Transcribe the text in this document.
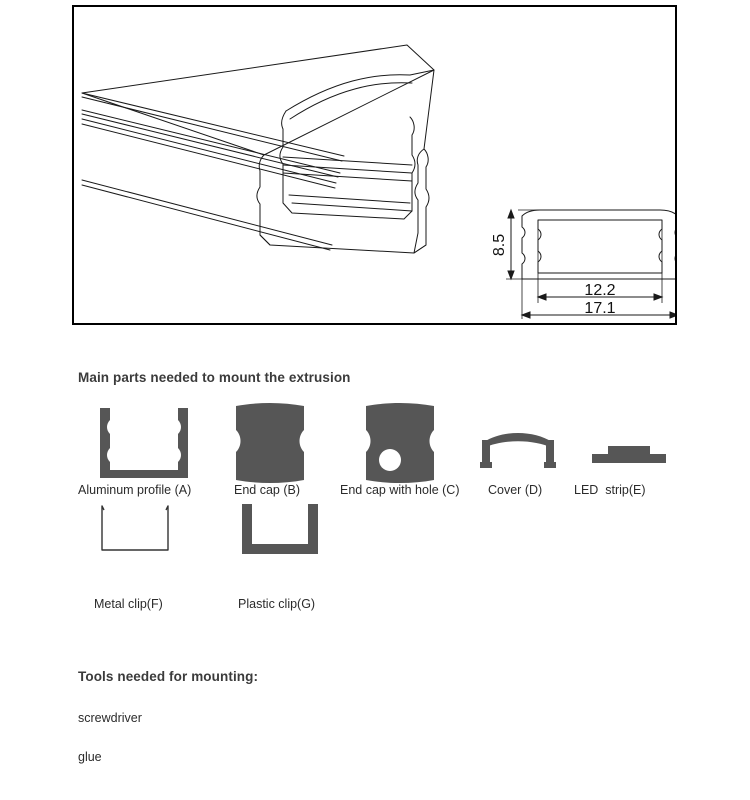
8.5
12.2
17.1
Main parts needed to mount the extrusion
Aluminum profile (A)	End cap (B)	End cap with hole (C) Cover (D)	LED  strip(E)
Metal clip(F)	Plastic clip(G)
Tools needed for mounting:
screwdriver
glue
